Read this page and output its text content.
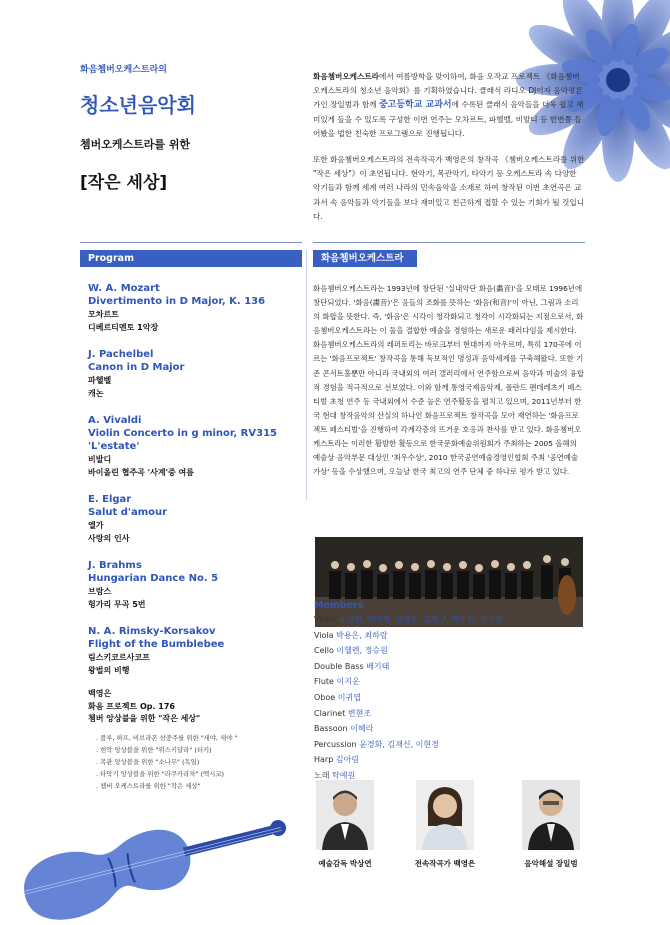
화음쳄버오케스트라의
청소년음악회
쳄버오케스트라를 위한
[작은 세상]

화음쳄버오케스트라에서 여름방학을 맞이하여, 화음 오작교 프로젝트 《화음쳄버오케스트라의 청소년 음악회》를 기획하였습니다. 클래식 라디오 DJ이자 음악평론가인 장일범과 함께 중고등학교 교과서에 수록된 클래식 음악들을 더욱 쉽고 재미있게 들을 수 있도록 구성한 이번 연주는 모차르트, 파헬벨, 비발디 등 한번쯤 들어봤을 법한 친숙한 프로그램으로 진행됩니다.

또한 화음쳄버오케스트라의 전속작곡가 백영은의 창작곡 《쳄버오케스트라를 위한 "작은 세상"》이 초연됩니다. 현악기, 목관악기, 타악기 등 오케스트라 속 다양한 악기들과 함께 세계 여러 나라의 민속음악을 소재로 하여 창작된 이번 초연곡은 교과서 속 음악들과 악기들을 보다 재미있고 친근하게 접할 수 있는 기회가 될 것입니다.

Program	화음쳄버오케스트라
W. A. Mozart
Divertimento in D Major, K. 136
모차르트
디베르티멘토 1악장
J. Pachelbel
Canon in D Major
파헬벨
캐논
A. Vivaldi
Violin Concerto in g minor, RV315 'L'estate'
비발디
바이올린 협주곡 '사계'중 여름
E. Elgar
Salut d'amour
엘가
사랑의 인사
J. Brahms
Hungarian Dance No. 5
브람스
헝가리 무곡 5번
N. A. Rimsky-Korsakov
Flight of the Bumblebee
림스키코르사코프
왕벌의 비행
백영은
화음 프로젝트 Op. 176
쳄버 앙상블을 위한 "작은 세상"
. 플루, 하프, 비브라폰 삼중주를 위한 "새야, 새야 "
. 현악 앙상블을 위한 "위스키달라" (터키)
. 목관 앙상블을 위한 "소나무" (독일)
. 타악기 앙상블을 위한 "라쿠카라차" (멕시코)
. 쳄버 오케스트라를 위한 "작은 세상"

화음쳄버오케스트라는 1993년에 창단된 '실내악단 화음(畵音)'을 모태로 1996년에 창단되었다. '화음(畵音)'은 음들의 조화를 뜻하는 '화음(和音)'이 아닌, 그림과 소리의 화합을 뜻한다. 즉, '화음'은 시각이 청각화되고 청각이 시각화되는 지점으로서, 화음쳄버오케스트라는 이 둘을 결합한 예술을 경험하는 새로운 패러다임을 제시한다.

화음쳄버오케스트라의 레퍼토리는 바로크부터 현대까지 아우르며, 특히 170곡에 이르는 '화음프로젝트' 창작곡을 통해 독보적인 명성과 음악세계를 구축해왔다. 또한 기존 콘서트홀뿐만 아니라 국내외의 여러 갤러리에서 연주함으로써 음악과 미술의 융합적 경험을 적극적으로 선보였다. 이와 함께 통영국제음악제, 폴란드 펜데레츠키 페스티벌 초청 연주 등 국내외에서 수준 높은 연주활동을 펼치고 있으며, 2011년부터 한국 현대 창작음악의 산실의 하나인 화음프로젝트 창작곡을 모아 재연하는 '화음프로젝트 페스티벌'을 진행하여 각계각층의 뜨거운 호응과 찬사를 받고 있다. 화음쳄버오케스트라는 이러한 활발한 활동으로 한국문화예술위원회가 주최하는 2005 올해의 예술상 음악부문 대상인 '최우수상', 2010 한국공연예술경영인협회 주최 '공연예술가상' 등을 수상했으며, 오늘날 한국 최고의 연주 단체 중 하나로 평가 받고 있다.

Members
Violin 유성민, 박미희, 김정은, 김범구, 백수련, 박지현
Viola 박용은, 최하람
Cello 이헬렌, 정승원
Double Bass 배기태
Flute 이지운
Oboe 이귀엽
Clarinet 변현조
Bassoon 이혜라
Percussion 윤경화, 김재신, 이현경
Harp 김아림
노래 탁예원
예술감독 박상연	전속작곡가 백영은	음악해설 장일범
